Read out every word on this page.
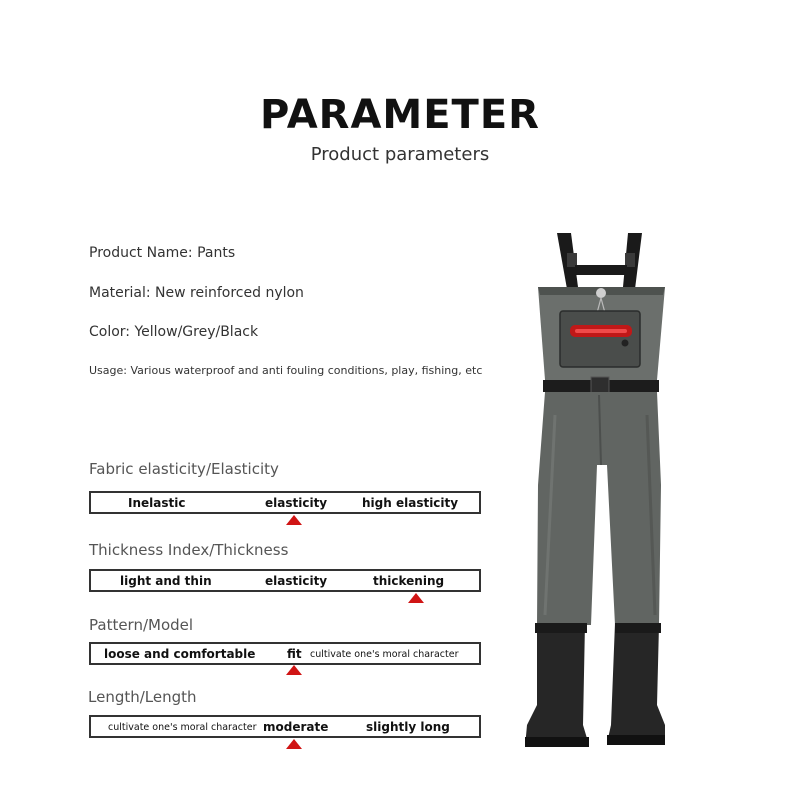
PARAMETER
Product parameters
Product Name: Pants
Material: New reinforced nylon
Color: Yellow/Grey/Black
Usage: Various waterproof and anti fouling conditions, play, fishing, etc
Fabric elasticity/Elasticity
Inelastic	elasticity	high elasticity
Thickness Index/Thickness
light and thin	elasticity	thickening
Pattern/Model
loose and comfortable	fit cultivate one's moral character
Length/Length
cultivate one's moral character moderate	slightly long
